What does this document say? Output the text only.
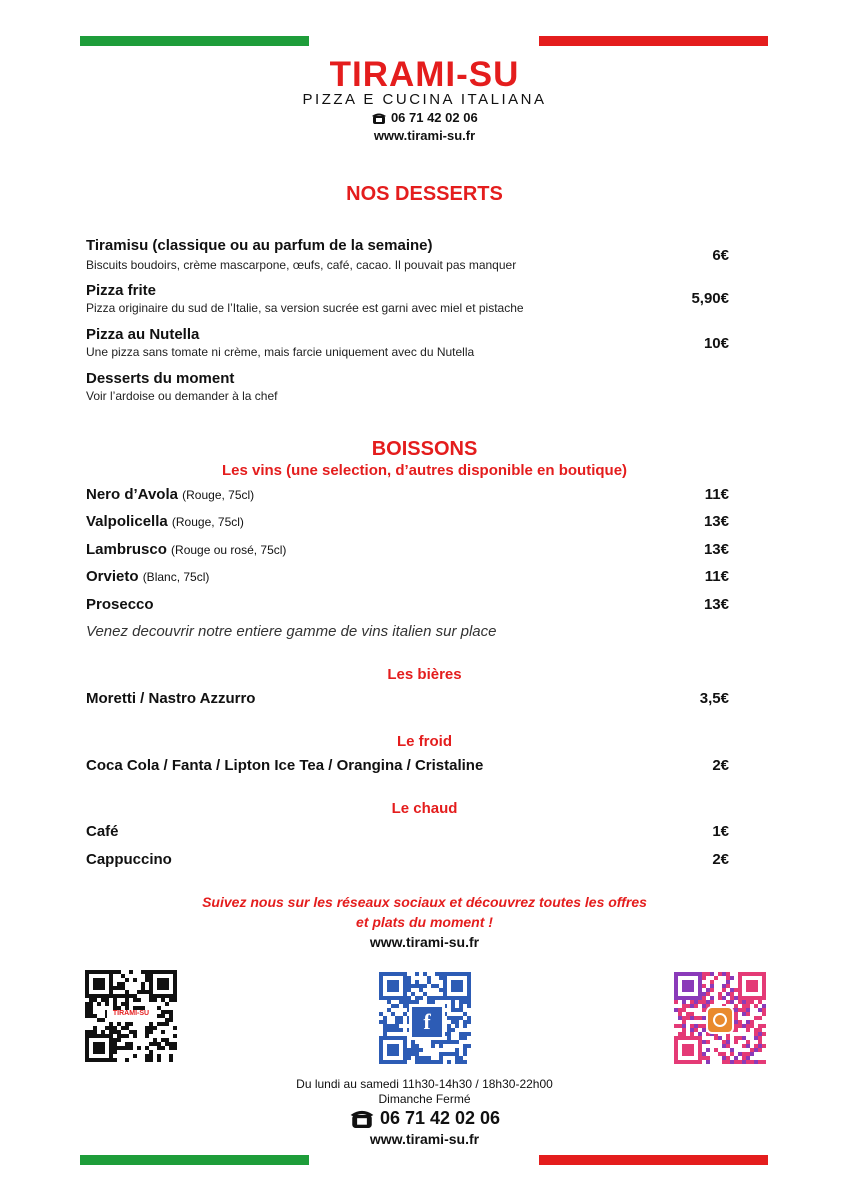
TIRAMI-SU
PIZZA E CUCINA ITALIANA
06 71 42 02 06
www.tirami-su.fr
NOS DESSERTS
Tiramisu (classique ou au parfum de la semaine)
Biscuits boudoirs, crème mascarpone, œufs, café, cacao. Il pouvait pas manquer
6€
Pizza frite
Pizza originaire du sud de l’Italie, sa version sucrée est garni avec miel et pistache
5,90€
Pizza au Nutella
Une pizza sans tomate ni crème, mais farcie uniquement avec du Nutella	10€
Desserts du moment
Voir l’ardoise ou demander à la chef
BOISSONS
Les vins (une selection, d’autres disponible en boutique)
Nero d’Avola (Rouge, 75cl)	11€
Valpolicella (Rouge, 75cl)	13€
Lambrusco (Rouge ou rosé, 75cl)	13€
Orvieto (Blanc, 75cl)	11€
Prosecco	13€
Venez decouvrir notre entiere gamme de vins italien sur place
Les bières
Moretti / Nastro Azzurro	3,5€
Le froid
Coca Cola / Fanta / Lipton Ice Tea / Orangina / Cristaline	2€
Le chaud
Café	1€
Cappuccino	2€
Suivez nous sur les réseaux sociaux et découvrez toutes les offres
et plats du moment !
www.tirami-su.fr
TIRAMI-SU	f
Du lundi au samedi 11h30-14h30 / 18h30-22h00
Dimanche Fermé
06 71 42 02 06
www.tirami-su.fr
